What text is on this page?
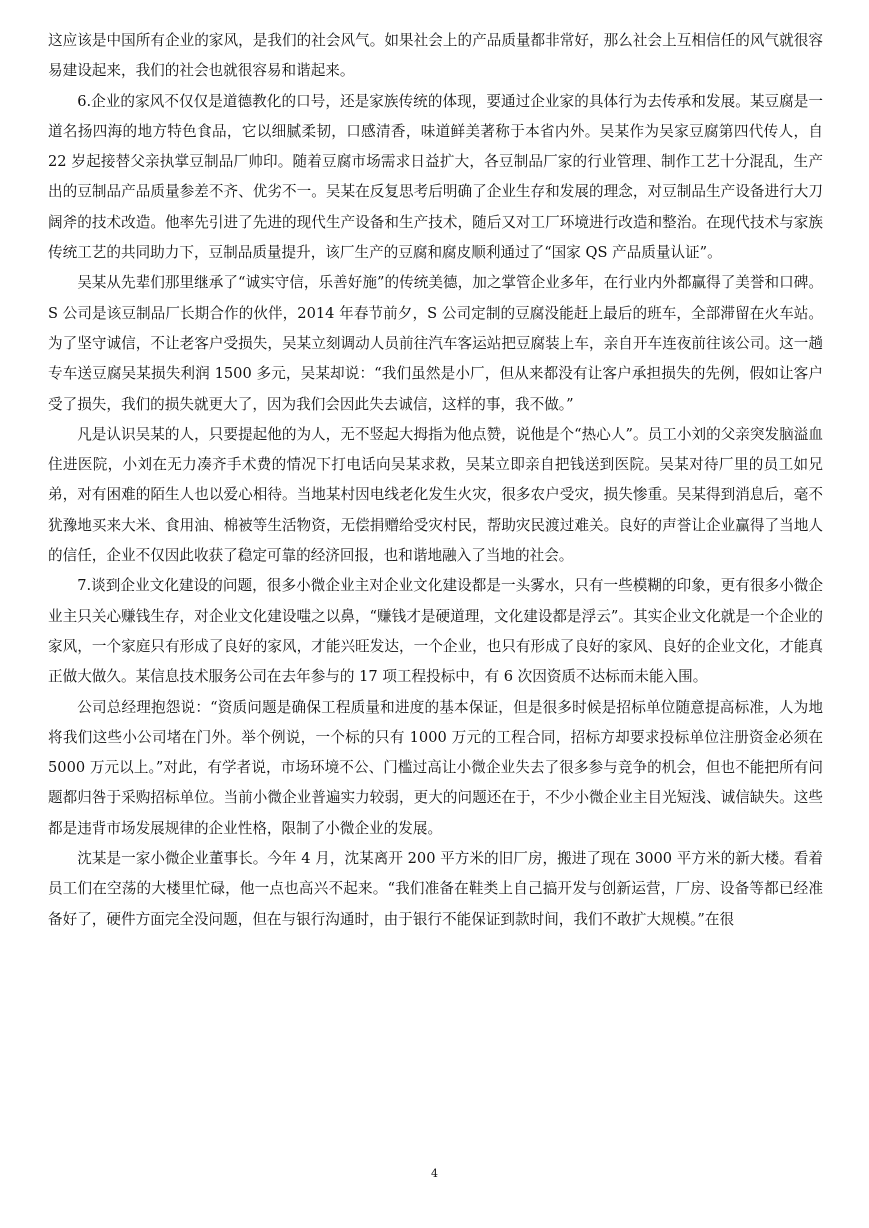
这应该是中国所有企业的家风，是我们的社会风气。如果社会上的产品质量都非常好，那么社会上互相信任的风气就很容易建设起来，我们的社会也就很容易和谐起来。

6.企业的家风不仅仅是道德教化的口号，还是家族传统的体现，要通过企业家的具体行为去传承和发展。某豆腐是一道名扬四海的地方特色食品，它以细腻柔韧，口感清香，味道鲜美著称于本省内外。吴某作为吴家豆腐第四代传人，自 22 岁起接替父亲执掌豆制品厂帅印。随着豆腐市场需求日益扩大，各豆制品厂家的行业管理、制作工艺十分混乱，生产出的豆制品产品质量参差不齐、优劣不一。吴某在反复思考后明确了企业生存和发展的理念，对豆制品生产设备进行大刀阔斧的技术改造。他率先引进了先进的现代生产设备和生产技术，随后又对工厂环境进行改造和整治。在现代技术与家族传统工艺的共同助力下，豆制品质量提升，该厂生产的豆腐和腐皮顺利通过了“国家 QS 产品质量认证”。

吴某从先辈们那里继承了“诚实守信，乐善好施”的传统美德，加之掌管企业多年，在行业内外都赢得了美誉和口碑。S 公司是该豆制品厂长期合作的伙伴，2014 年春节前夕，S 公司定制的豆腐没能赶上最后的班车，全部滞留在火车站。为了坚守诚信，不让老客户受损失，吴某立刻调动人员前往汽车客运站把豆腐装上车，亲自开车连夜前往该公司。这一趟专车送豆腐吴某损失利润 1500 多元，吴某却说：“我们虽然是小厂，但从来都没有让客户承担损失的先例，假如让客户受了损失，我们的损失就更大了，因为我们会因此失去诚信，这样的事，我不做。”

凡是认识吴某的人，只要提起他的为人，无不竖起大拇指为他点赞，说他是个“热心人”。员工小刘的父亲突发脑溢血住进医院，小刘在无力凑齐手术费的情况下打电话向吴某求救，吴某立即亲自把钱送到医院。吴某对待厂里的员工如兄弟，对有困难的陌生人也以爱心相待。当地某村因电线老化发生火灾，很多农户受灾，损失惨重。吴某得到消息后，毫不犹豫地买来大米、食用油、棉被等生活物资，无偿捐赠给受灾村民，帮助灾民渡过难关。良好的声誉让企业赢得了当地人的信任，企业不仅因此收获了稳定可靠的经济回报，也和谐地融入了当地的社会。

7.谈到企业文化建设的问题，很多小微企业主对企业文化建设都是一头雾水，只有一些模糊的印象，更有很多小微企业主只关心赚钱生存，对企业文化建设嗤之以鼻，“赚钱才是硬道理，文化建设都是浮云”。其实企业文化就是一个企业的家风，一个家庭只有形成了良好的家风，才能兴旺发达，一个企业，也只有形成了良好的家风、良好的企业文化，才能真正做大做久。某信息技术服务公司在去年参与的 17 项工程投标中，有 6 次因资质不达标而未能入围。

公司总经理抱怨说：“资质问题是确保工程质量和进度的基本保证，但是很多时候是招标单位随意提高标准，人为地将我们这些小公司堵在门外。举个例说，一个标的只有 1000 万元的工程合同，招标方却要求投标单位注册资金必须在 5000 万元以上。”对此，有学者说，市场环境不公、门槛过高让小微企业失去了很多参与竞争的机会，但也不能把所有问题都归咎于采购招标单位。当前小微企业普遍实力较弱，更大的问题还在于，不少小微企业主目光短浅、诚信缺失。这些都是违背市场发展规律的企业性格，限制了小微企业的发展。

沈某是一家小微企业董事长。今年 4 月，沈某离开 200 平方米的旧厂房，搬进了现在 3000 平方米的新大楼。看着员工们在空荡的大楼里忙碌，他一点也高兴不起来。“我们准备在鞋类上自己搞开发与创新运营，厂房、设备等都已经准备好了，硬件方面完全没问题，但在与银行沟通时，由于银行不能保证到款时间，我们不敢扩大规模。”在很

4
